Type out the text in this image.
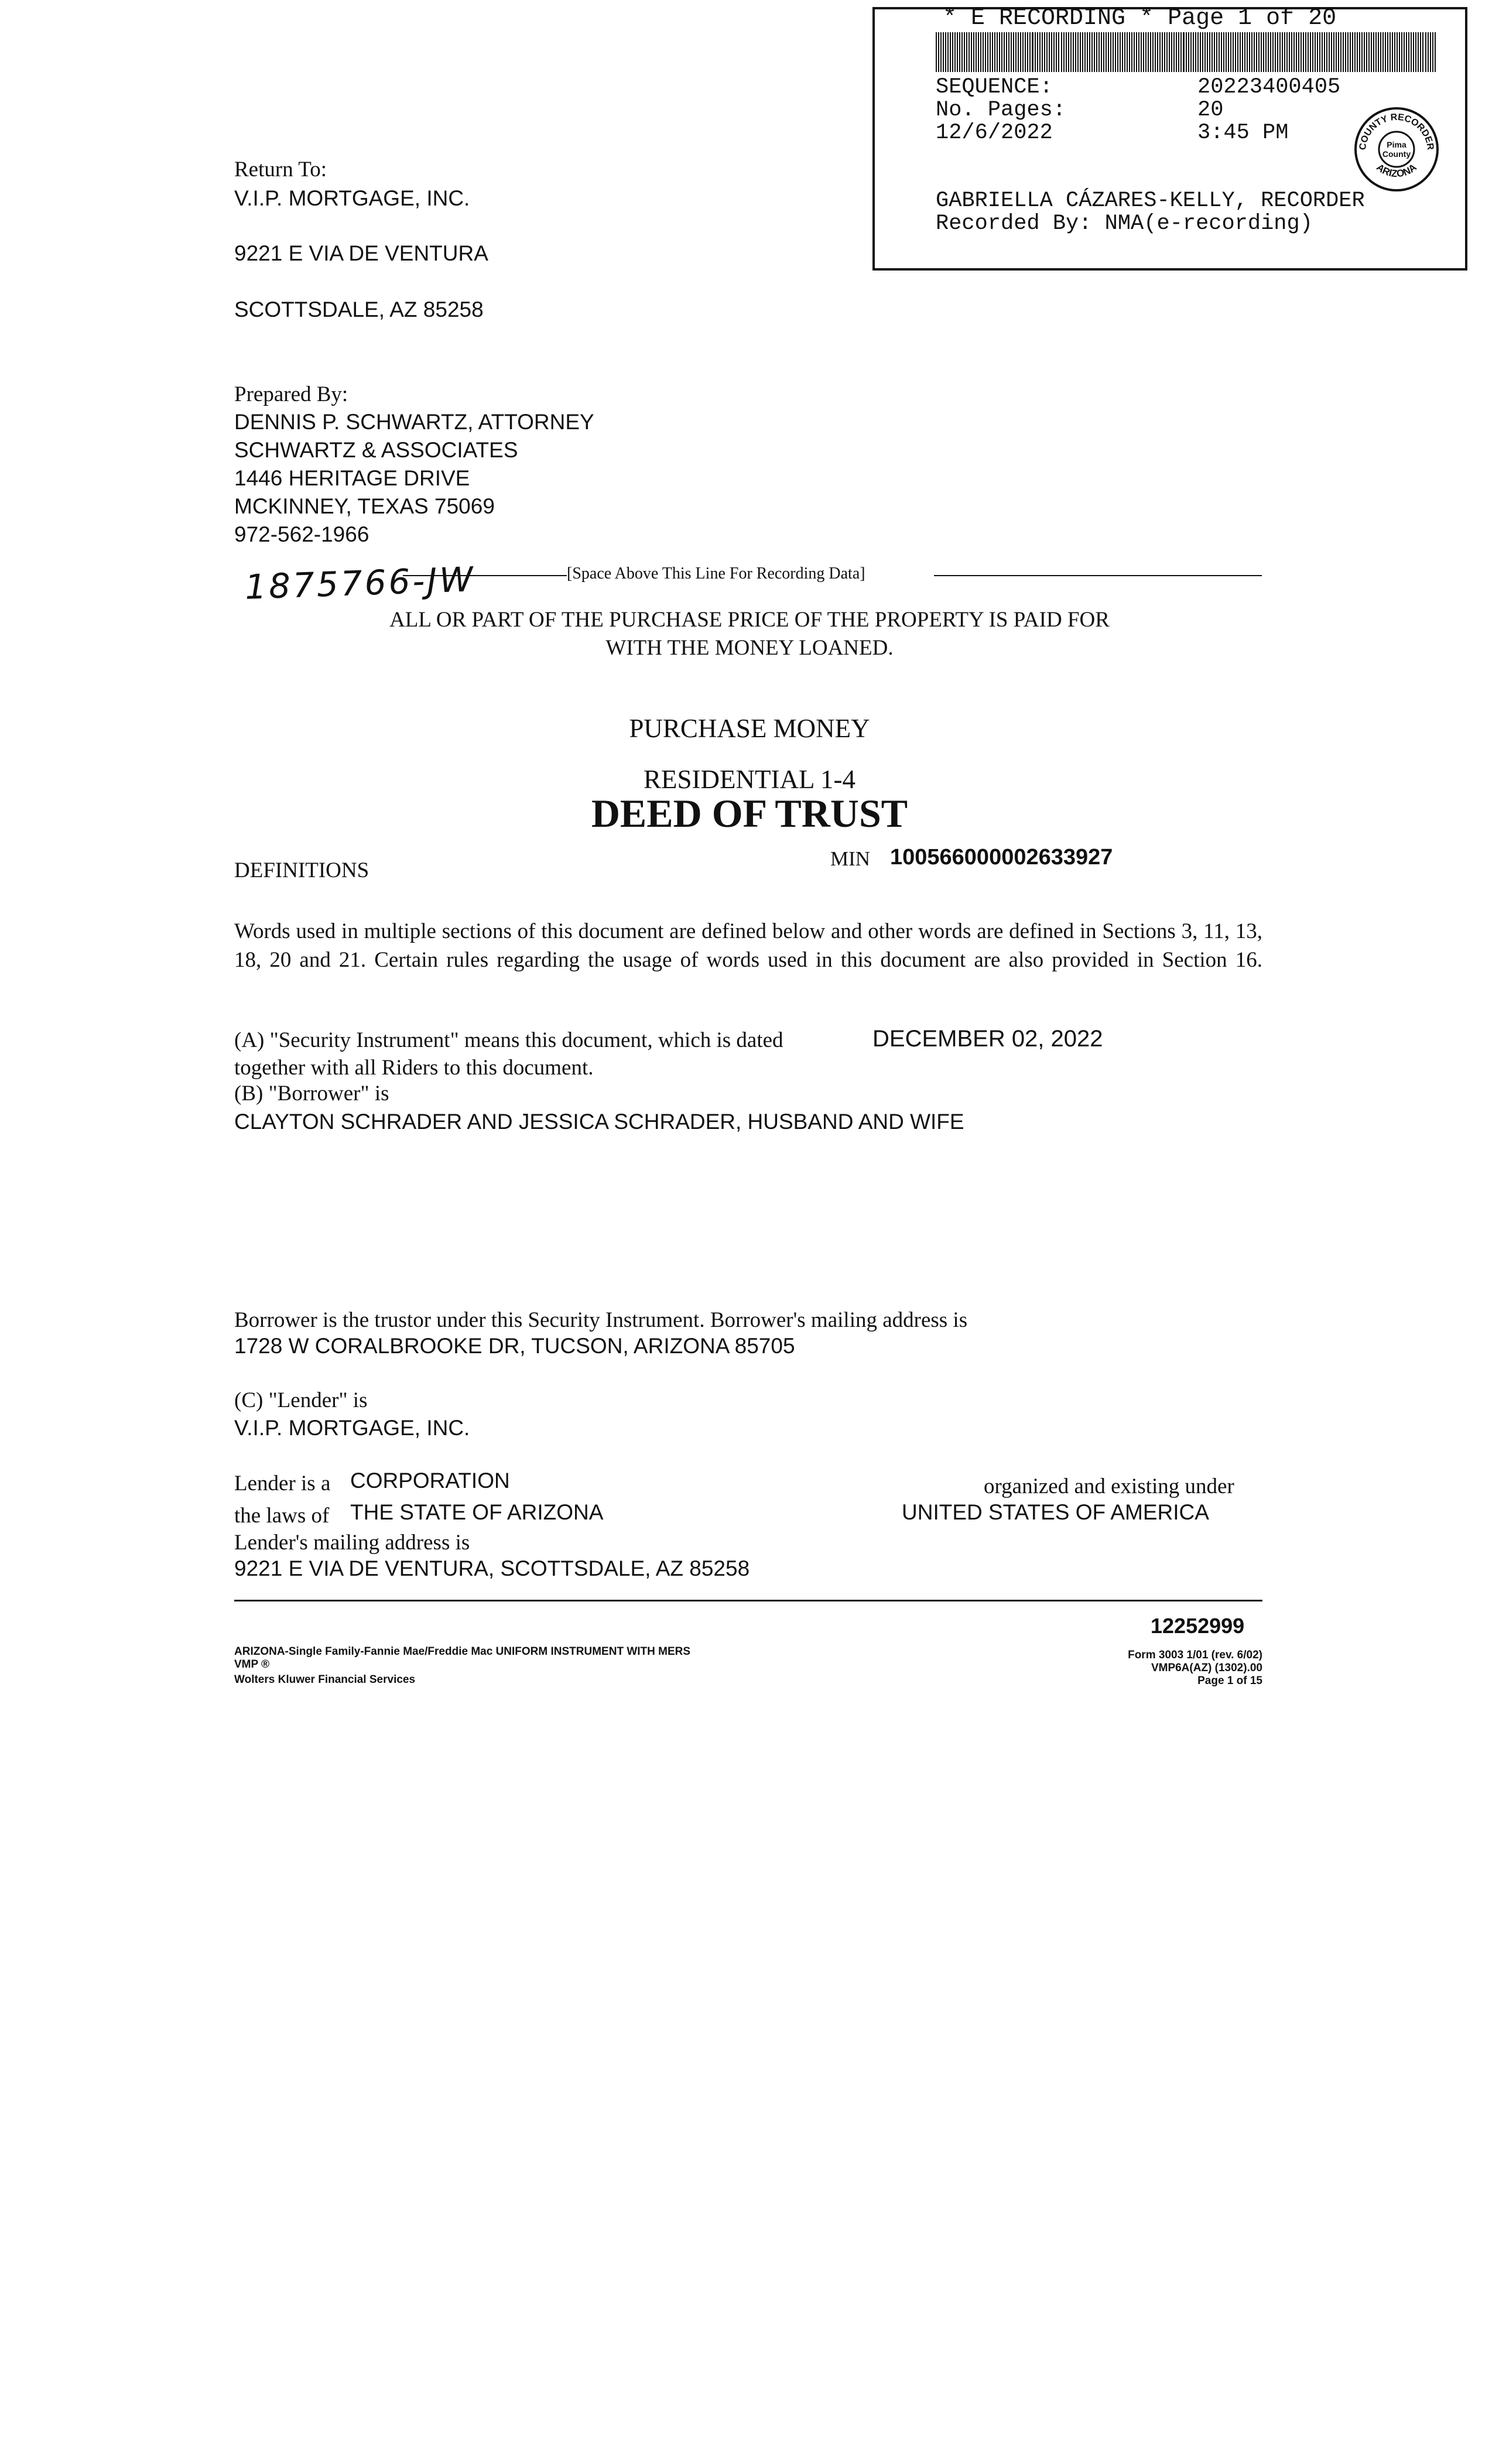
* E RECORDING * Page 1 of 20
SEQUENCE:	20223400405
No. Pages:	20
12/6/2022	3:45 PM
COUNTY RECORDER
ARIZONA
Pima
County
GABRIELLA CÁZARES-KELLY, RECORDER
Recorded By: NMA(e-recording)
Return To:
V.I.P. MORTGAGE, INC.
9221 E VIA DE VENTURA
SCOTTSDALE, AZ 85258
Prepared By:
DENNIS P. SCHWARTZ, ATTORNEY
SCHWARTZ & ASSOCIATES
1446 HERITAGE DRIVE
MCKINNEY, TEXAS 75069
972-562-1966
[Space Above This Line For Recording Data]
1875766-JW
ALL OR PART OF THE PURCHASE PRICE OF THE PROPERTY IS PAID FOR
WITH THE MONEY LOANED.
PURCHASE MONEY
RESIDENTIAL 1-4
DEED OF TRUST
DEFINITIONS	MIN 100566000002633927
Words used in multiple sections of this document are defined below and other words are defined in Sections 3, 11, 13, 18, 20 and 21. Certain rules regarding the usage of words used in this document are also provided in Section 16.
(A) "Security Instrument" means this document, which is dated	DECEMBER 02, 2022
together with all Riders to this document.
(B) "Borrower" is
CLAYTON SCHRADER AND JESSICA SCHRADER, HUSBAND AND WIFE
Borrower is the trustor under this Security Instrument. Borrower's mailing address is
1728 W CORALBROOKE DR, TUCSON, ARIZONA 85705
(C) "Lender" is
V.I.P. MORTGAGE, INC.
Lender is a CORPORATION	organized and existing under
the laws of THE STATE OF ARIZONA	UNITED STATES OF AMERICA
Lender's mailing address is
9221 E VIA DE VENTURA, SCOTTSDALE, AZ 85258
12252999
ARIZONA-Single Family-Fannie Mae/Freddie Mac UNIFORM INSTRUMENT WITH MERS
VMP ®
Wolters Kluwer Financial Services
Form 3003 1/01 (rev. 6/02)
VMP6A(AZ) (1302).00
Page 1 of 15
